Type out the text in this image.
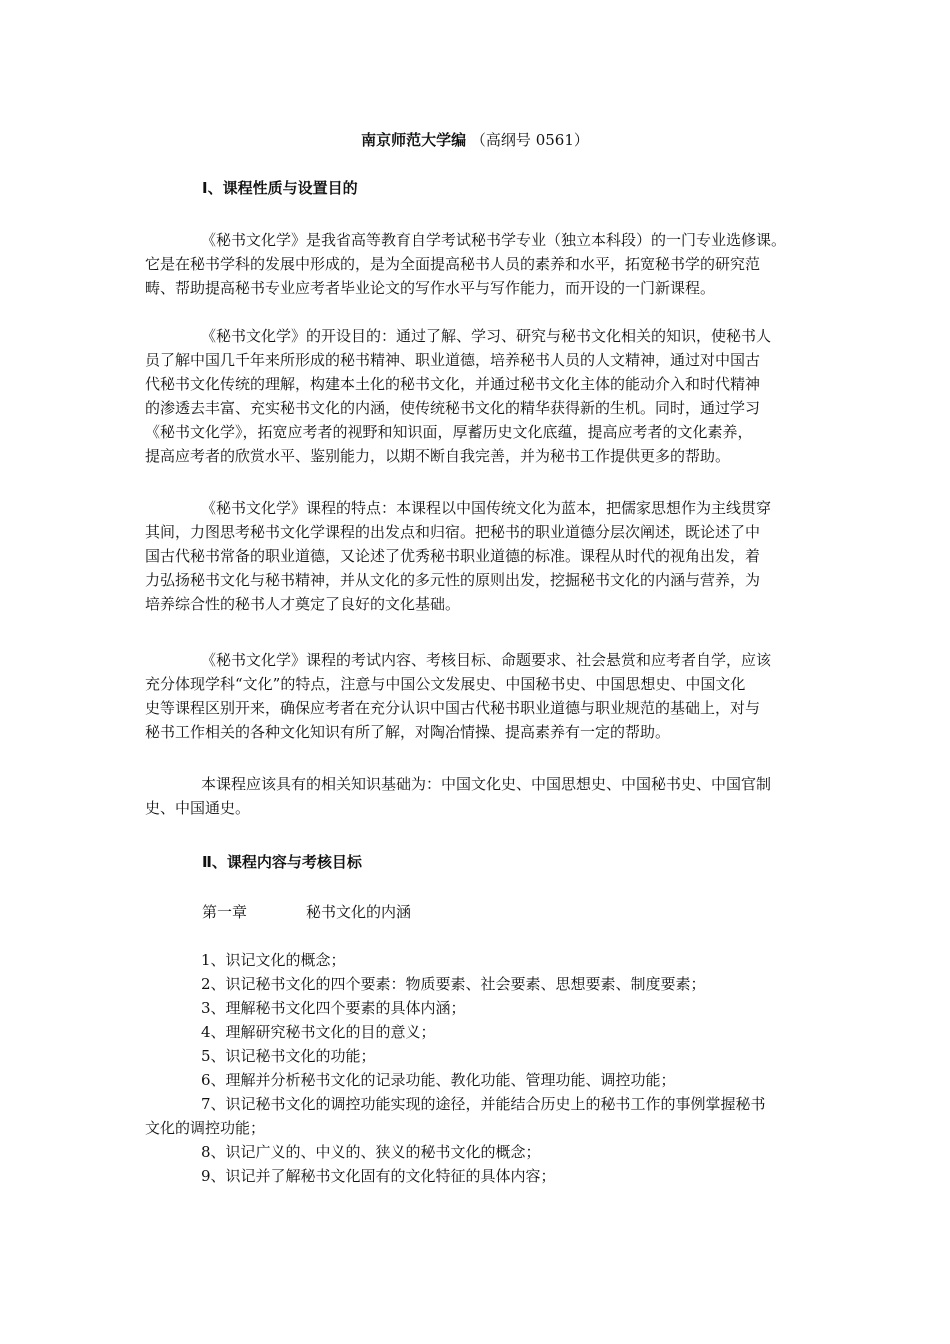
南京师范大学编 （高纲号 0561）
Ⅰ、课程性质与设置目的
《秘书文化学》是我省高等教育自学考试秘书学专业（独立本科段）的一门专业选修课。
它是在秘书学科的发展中形成的，是为全面提高秘书人员的素养和水平，拓宽秘书学的研究范
畴、帮助提高秘书专业应考者毕业论文的写作水平与写作能力，而开设的一门新课程。
《秘书文化学》的开设目的：通过了解、学习、研究与秘书文化相关的知识，使秘书人
员了解中国几千年来所形成的秘书精神、职业道德，培养秘书人员的人文精神，通过对中国古
代秘书文化传统的理解，构建本土化的秘书文化，并通过秘书文化主体的能动介入和时代精神
的渗透去丰富、充实秘书文化的内涵，使传统秘书文化的精华获得新的生机。同时，通过学习
《秘书文化学》，拓宽应考者的视野和知识面，厚蓄历史文化底蕴，提高应考者的文化素养，
提高应考者的欣赏水平、鉴别能力，以期不断自我完善，并为秘书工作提供更多的帮助。
《秘书文化学》课程的特点：本课程以中国传统文化为蓝本，把儒家思想作为主线贯穿
其间，力图思考秘书文化学课程的出发点和归宿。把秘书的职业道德分层次阐述，既论述了中
国古代秘书常备的职业道德，又论述了优秀秘书职业道德的标准。课程从时代的视角出发，着
力弘扬秘书文化与秘书精神，并从文化的多元性的原则出发，挖掘秘书文化的内涵与营养，为
培养综合性的秘书人才奠定了良好的文化基础。
《秘书文化学》课程的考试内容、考核目标、命题要求、社会悬赏和应考者自学，应该
充分体现学科“文化”的特点，注意与中国公文发展史、中国秘书史、中国思想史、中国文化
史等课程区别开来，确保应考者在充分认识中国古代秘书职业道德与职业规范的基础上，对与
秘书工作相关的各种文化知识有所了解，对陶冶情操、提高素养有一定的帮助。
本课程应该具有的相关知识基础为：中国文化史、中国思想史、中国秘书史、中国官制
史、中国通史。
Ⅱ、课程内容与考核目标
第一章	秘书文化的内涵
1、识记文化的概念；
2、识记秘书文化的四个要素：物质要素、社会要素、思想要素、制度要素；
3、理解秘书文化四个要素的具体内涵；
4、理解研究秘书文化的目的意义；
5、识记秘书文化的功能；
6、理解并分析秘书文化的记录功能、教化功能、管理功能、调控功能；
7、识记秘书文化的调控功能实现的途径，并能结合历史上的秘书工作的事例掌握秘书
文化的调控功能；
8、识记广义的、中义的、狭义的秘书文化的概念；
9、识记并了解秘书文化固有的文化特征的具体内容；
